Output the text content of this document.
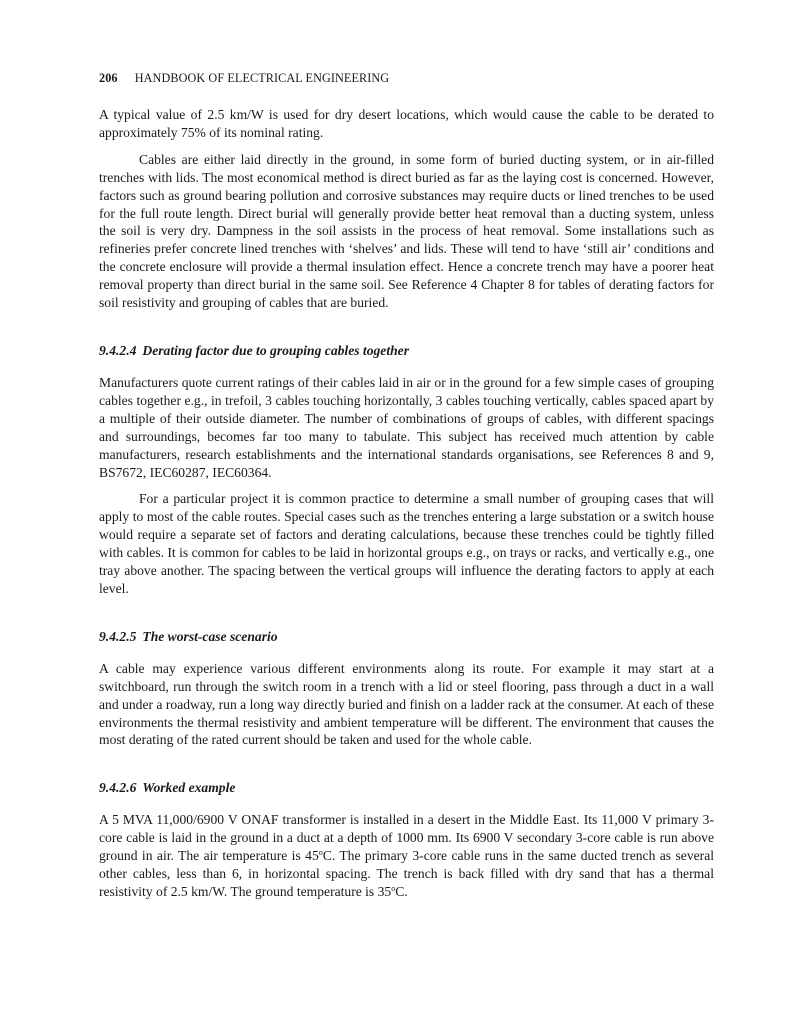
206 HANDBOOK OF ELECTRICAL ENGINEERING

A typical value of 2.5 km/W is used for dry desert locations, which would cause the cable to be derated to approximately 75% of its nominal rating.

Cables are either laid directly in the ground, in some form of buried ducting system, or in air-filled trenches with lids. The most economical method is direct buried as far as the laying cost is concerned. However, factors such as ground bearing pollution and corrosive substances may require ducts or lined trenches to be used for the full route length. Direct burial will generally provide better heat removal than a ducting system, unless the soil is very dry. Dampness in the soil assists in the process of heat removal. Some installations such as refineries prefer concrete lined trenches with ‘shelves’ and lids. These will tend to have ‘still air’ conditions and the concrete enclosure will provide a thermal insulation effect. Hence a concrete trench may have a poorer heat removal property than direct burial in the same soil. See Reference 4 Chapter 8 for tables of derating factors for soil resistivity and grouping of cables that are buried.

9.4.2.4 Derating factor due to grouping cables together

Manufacturers quote current ratings of their cables laid in air or in the ground for a few simple cases of grouping cables together e.g., in trefoil, 3 cables touching horizontally, 3 cables touching vertically, cables spaced apart by a multiple of their outside diameter. The number of combinations of groups of cables, with different spacings and surroundings, becomes far too many to tabulate. This subject has received much attention by cable manufacturers, research establishments and the international standards organisations, see References 8 and 9, BS7672, IEC60287, IEC60364.

For a particular project it is common practice to determine a small number of grouping cases that will apply to most of the cable routes. Special cases such as the trenches entering a large substation or a switch house would require a separate set of factors and derating calculations, because these trenches could be tightly filled with cables. It is common for cables to be laid in horizontal groups e.g., on trays or racks, and vertically e.g., one tray above another. The spacing between the vertical groups will influence the derating factors to apply at each level.

9.4.2.5 The worst-case scenario

A cable may experience various different environments along its route. For example it may start at a switchboard, run through the switch room in a trench with a lid or steel flooring, pass through a duct in a wall and under a roadway, run a long way directly buried and finish on a ladder rack at the consumer. At each of these environments the thermal resistivity and ambient temperature will be different. The environment that causes the most derating of the rated current should be taken and used for the whole cable.

9.4.2.6 Worked example

A 5 MVA 11,000/6900 V ONAF transformer is installed in a desert in the Middle East. Its 11,000 V primary 3-core cable is laid in the ground in a duct at a depth of 1000 mm. Its 6900 V secondary 3-core cable is run above ground in air. The air temperature is 45$^o$C. The primary 3-core cable runs in the same ducted trench as several other cables, less than 6, in horizontal spacing. The trench is back filled with dry sand that has a thermal resistivity of 2.5 km/W. The ground temperature is 35$^o$C.
